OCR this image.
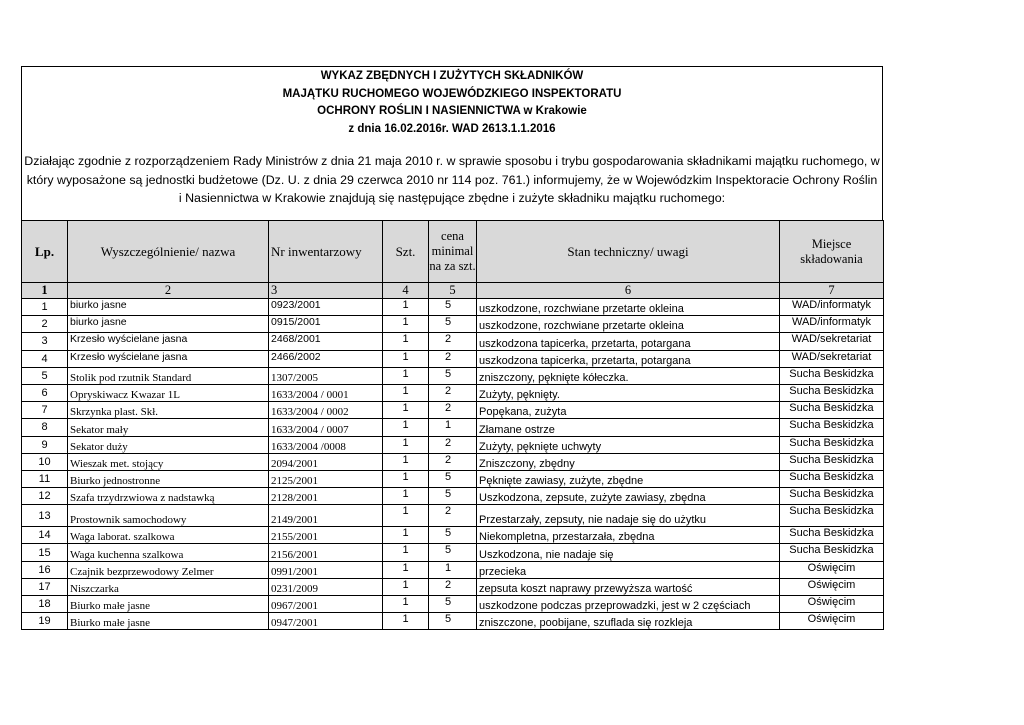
WYKAZ ZBĘDNYCH I ZUŻYTYCH SKŁADNIKÓW
MAJĄTKU RUCHOMEGO WOJEWÓDZKIEGO INSPEKTORATU
OCHRONY ROŚLIN I NASIENNICTWA w Krakowie
z dnia 16.02.2016r. WAD 2613.1.1.2016
Działając zgodnie z rozporządzeniem Rady Ministrów z dnia 21 maja 2010 r. w sprawie sposobu i trybu gospodarowania składnikami majątku ruchomego, w który wyposażone są jednostki budżetowe (Dz. U. z dnia 29 czerwca 2010 nr 114 poz. 761.) informujemy, że w Wojewódzkim Inspektoracie Ochrony Roślin i Nasiennictwa w Krakowie znajdują się następujące zbędne i zużyte składniku majątku ruchomego:
Lp.	Wyszczególnienie/ nazwa	Nr inwentarzowy	Szt.	cena minimal na za szt.	Stan techniczny/ uwagi	Miejsce składowania
1	2	3	4	5	6	7
1	biurko jasne	0923/2001	1	5	uszkodzone, rozchwiane przetarte okleina	WAD/informatyk
2	biurko jasne	0915/2001	1	5	uszkodzone, rozchwiane przetarte okleina	WAD/informatyk
3	Krzesło wyścielane jasna	2468/2001	1	2	uszkodzona tapicerka, przetarta, potargana	WAD/sekretariat
4	Krzesło wyścielane jasna	2466/2002	1	2	uszkodzona tapicerka, przetarta, potargana	WAD/sekretariat
5	Stolik pod rzutnik Standard	1307/2005	1	5	zniszczony, pęknięte kółeczka.	Sucha Beskidzka
6	Opryskiwacz Kwazar 1L	1633/2004 / 0001	1	2	Zużyty, pęknięty.	Sucha Beskidzka
7	Skrzynka plast. Skł.	1633/2004 / 0002	1	2	Popękana, zużyta	Sucha Beskidzka
8	Sekator mały	1633/2004 / 0007	1	1	Złamane ostrze	Sucha Beskidzka
9	Sekator duży	1633/2004 /0008	1	2	Zużyty, pęknięte uchwyty	Sucha Beskidzka
10	Wieszak met. stojący	2094/2001	1	2	Zniszczony, zbędny	Sucha Beskidzka
11	Biurko jednostronne	2125/2001	1	5	Pęknięte zawiasy, zużyte, zbędne	Sucha Beskidzka
12	Szafa trzydrzwiowa z nadstawką	2128/2001	1	5	Uszkodzona, zepsute, zużyte zawiasy, zbędna	Sucha Beskidzka
13	Prostownik samochodowy	2149/2001	1	2	Przestarzały, zepsuty, nie nadaje się do użytku	Sucha Beskidzka
14	Waga laborat. szalkowa	2155/2001	1	5	Niekompletna, przestarzała, zbędna	Sucha Beskidzka
15	Waga kuchenna szalkowa	2156/2001	1	5	Uszkodzona, nie nadaje się	Sucha Beskidzka
16	Czajnik bezprzewodowy Zelmer	0991/2001	1	1	przecieka	Oświęcim
17	Niszczarka	0231/2009	1	2	zepsuta koszt naprawy przewyższa wartość	Oświęcim
18	Biurko małe jasne	0967/2001	1	5	uszkodzone podczas przeprowadzki, jest w 2 częściach	Oświęcim
19	Biurko małe jasne	0947/2001	1	5	zniszczone, poobijane, szuflada się rozkleja	Oświęcim
